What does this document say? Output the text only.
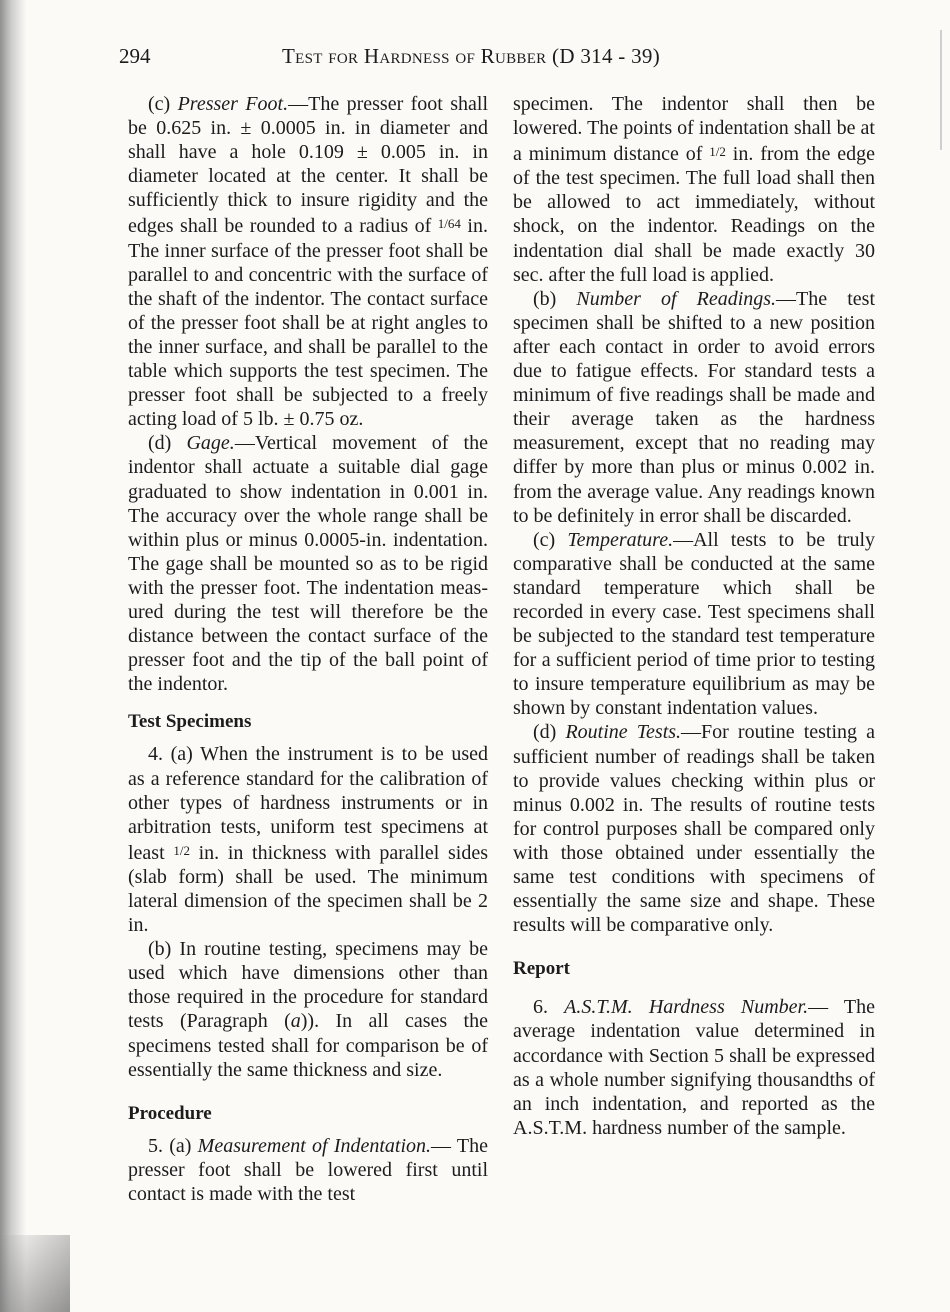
294	Test for Hardness of Rubber (D 314 - 39)

(c) Presser Foot.—The presser foot shall be 0.625 in. ± 0.0005 in. in diameter and shall have a hole 0.109 ± 0.005 in. in diameter located at the center. It shall be sufficiently thick to insure rigidity and the edges shall be rounded to a radius of $^{1/64}$ in. The inner surface of the presser foot shall be parallel to and concentric with the surface of the shaft of the indentor. The contact surface of the presser foot shall be at right angles to the inner surface, and shall be parallel to the table which supports the test specimen. The presser foot shall be subjected to a freely acting load of 5 lb. ± 0.75 oz.

(d) Gage.—Vertical movement of the indentor shall actuate a suitable dial gage graduated to show indentation in 0.001 in. The accuracy over the whole range shall be within plus or minus 0.0005-in. indentation. The gage shall be mounted so as to be rigid with the presser foot. The indentation measured during the test will therefore be the distance between the contact surface of the presser foot and the tip of the ball point of the indentor.

Test Specimens

4. (a) When the instrument is to be used as a reference standard for the calibration of other types of hardness instruments or in arbitration tests, uniform test specimens at least $^{1/2}$ in. in thickness with parallel sides (slab form) shall be used. The minimum lateral dimension of the specimen shall be 2 in.

(b) In routine testing, specimens may be used which have dimensions other than those required in the procedure for standard tests (Paragraph (a)). In all cases the specimens tested shall for comparison be of essentially the same thickness and size.

Procedure

5. (a) Measurement of Indentation.— The presser foot shall be lowered first until contact is made with the test

specimen. The indentor shall then be lowered. The points of indentation shall be at a minimum distance of $^{1/2}$ in. from the edge of the test specimen. The full load shall then be allowed to act immediately, without shock, on the indentor. Readings on the indentation dial shall be made exactly 30 sec. after the full load is applied.

(b) Number of Readings.—The test specimen shall be shifted to a new position after each contact in order to avoid errors due to fatigue effects. For standard tests a minimum of five readings shall be made and their average taken as the hardness measurement, except that no reading may differ by more than plus or minus 0.002 in. from the average value. Any readings known to be definitely in error shall be discarded.

(c) Temperature.—All tests to be truly comparative shall be conducted at the same standard temperature which shall be recorded in every case. Test specimens shall be subjected to the standard test temperature for a sufficient period of time prior to testing to insure temperature equilibrium as may be shown by constant indentation values.

(d) Routine Tests.—For routine testing a sufficient number of readings shall be taken to provide values checking within plus or minus 0.002 in. The results of routine tests for control purposes shall be compared only with those obtained under essentially the same test conditions with specimens of essentially the same size and shape. These results will be comparative only.

Report

6. A.S.T.M. Hardness Number.— The average indentation value determined in accordance with Section 5 shall be expressed as a whole number signifying thousandths of an inch indentation, and reported as the A.S.T.M. hardness number of the sample.
